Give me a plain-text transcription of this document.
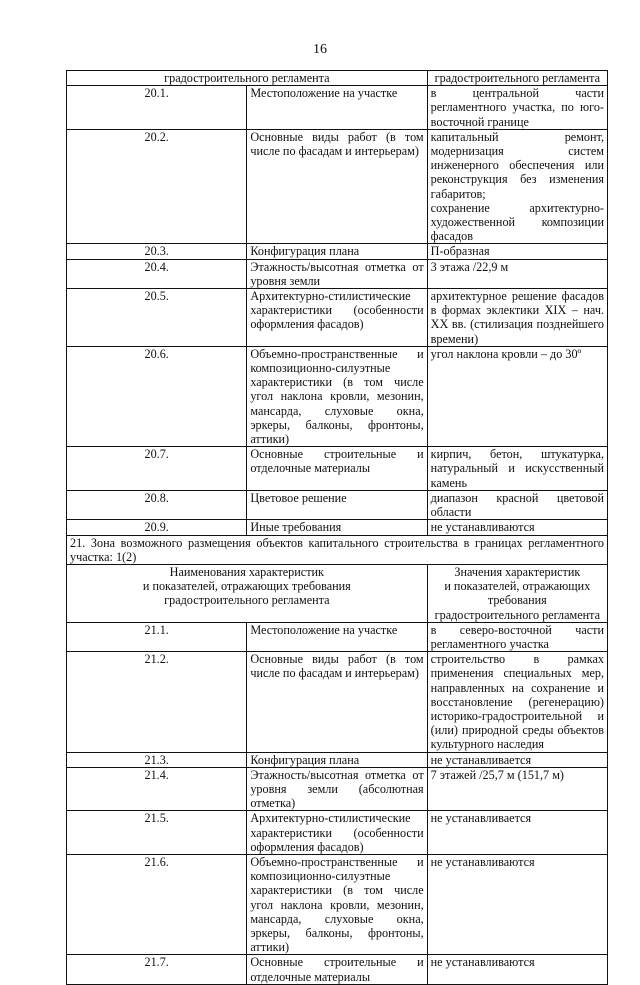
16
градостроительного регламента		градостроительного регламента
20.1.	Местоположение на участке	в центральной части регламентного участка, по юго-восточной границе

20.2.	Основные виды работ (в том числе по фасадам и интерьерам)	капитальный ремонт, модернизация систем инженерного обеспечения или реконструкция без изменения габаритов;
сохранение архитектурно-художественной композиции фасадов

20.3.	Конфигурация плана	П-образная

20.4.	Этажность/высотная отметка от уровня земли	3 этажа /22,9 м

20.5.	Архитектурно-стилистические характеристики (особенности оформления фасадов)	архитектурное решение фасадов в формах эклектики XIX – нач. XX вв. (стилизация позднейшего времени)

20.6.	Объемно-пространственные и композиционно-силуэтные характеристики (в том числе угол наклона кровли, мезонин, мансарда, слуховые окна, эркеры, балконы, фронтоны, аттики)	угол наклона кровли – до 30º

20.7.	Основные строительные и отделочные материалы	кирпич, бетон, штукатурка, натуральный и искусственный камень

20.8.	Цветовое решение	диапазон красной цветовой области

20.9.	Иные требования	не устанавливаются

21. Зона возможного размещения объектов капитального строительства в границах регламентного участка: 1(2)		

Наименования характеристик
и показателей, отражающих требования
градостроительного регламента		Значения характеристик
и показателей, отражающих требования
градостроительного регламента

21.1.	Местоположение на участке	в северо-восточной части регламентного участка

21.2.	Основные виды работ (в том числе по фасадам и интерьерам)	строительство в рамках применения специальных мер, направленных на сохранение и восстановление (регенерацию) историко-градостроительной и (или) природной среды объектов культурного наследия

21.3.	Конфигурация плана	не устанавливается

21.4.	Этажность/высотная отметка от уровня земли (абсолютная отметка)	7 этажей /25,7 м (151,7 м)

21.5.	Архитектурно-стилистические характеристики (особенности оформления фасадов)	не устанавливается

21.6.	Объемно-пространственные и композиционно-силуэтные характеристики (в том числе угол наклона кровли, мезонин, мансарда, слуховые окна, эркеры, балконы, фронтоны, аттики)	не устанавливаются

21.7.	Основные строительные и отделочные материалы	не устанавливаются
